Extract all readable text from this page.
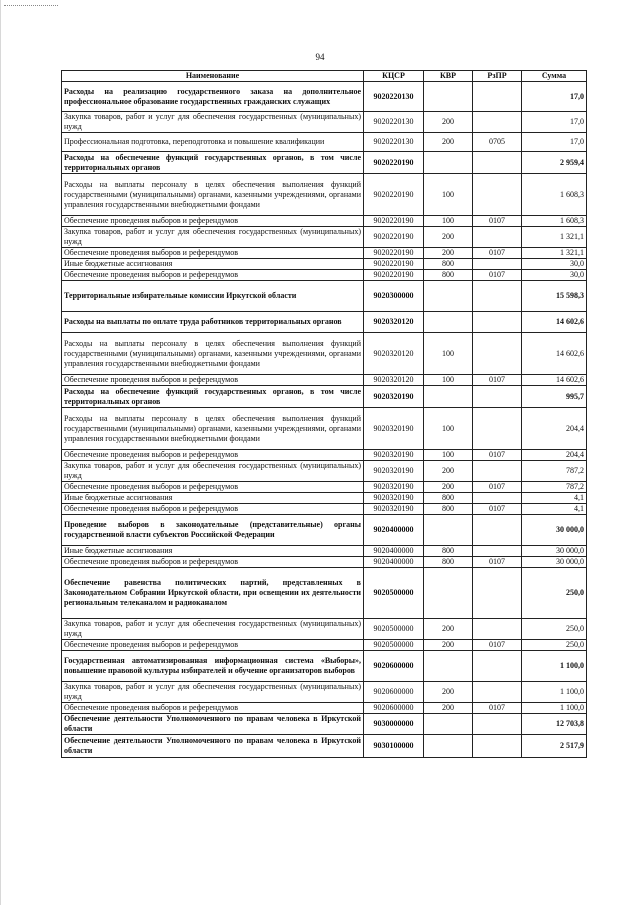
94
Наименование	КЦСР	КВР	РзПР	Сумма
Расходы на реализацию государственного заказа на дополнительное профессиональное образование государственных гражданских служащих	9020220130			17,0
Закупка товаров, работ и услуг для обеспечения государственных (муниципальных) нужд	9020220130	200		17,0
Профессиональная подготовка, переподготовка и повышение квалификации	9020220130	200	0705	17,0
Расходы на обеспечение функций государственных органов, в том числе территориальных органов	9020220190			2 959,4
Расходы на выплаты персоналу в целях обеспечения выполнения функций государственными (муниципальными) органами, казенными учреждениями, органами управления государственными внебюджетными фондами	9020220190	100		1 608,3
Обеспечение проведения выборов и референдумов	9020220190	100	0107	1 608,3
Закупка товаров, работ и услуг для обеспечения государственных (муниципальных) нужд	9020220190	200		1 321,1
Обеспечение проведения выборов и референдумов	9020220190	200	0107	1 321,1
Иные бюджетные ассигнования	9020220190	800		30,0
Обеспечение проведения выборов и референдумов	9020220190	800	0107	30,0
Территориальные избирательные комиссии Иркутской области	9020300000			15 598,3
Расходы на выплаты по оплате труда работников территориальных органов	9020320120			14 602,6
Расходы на выплаты персоналу в целях обеспечения выполнения функций государственными (муниципальными) органами, казенными учреждениями, органами управления государственными внебюджетными фондами	9020320120	100		14 602,6
Обеспечение проведения выборов и референдумов	9020320120	100	0107	14 602,6
Расходы на обеспечение функций государственных органов, в том числе территориальных органов	9020320190			995,7
Расходы на выплаты персоналу в целях обеспечения выполнения функций государственными (муниципальными) органами, казенными учреждениями, органами управления государственными внебюджетными фондами	9020320190	100		204,4
Обеспечение проведения выборов и референдумов	9020320190	100	0107	204,4
Закупка товаров, работ и услуг для обеспечения государственных (муниципальных) нужд	9020320190	200		787,2
Обеспечение проведения выборов и референдумов	9020320190	200	0107	787,2
Иные бюджетные ассигнования	9020320190	800		4,1
Обеспечение проведения выборов и референдумов	9020320190	800	0107	4,1
Проведение выборов в законодательные (представительные) органы государственной власти субъектов Российской Федерации	9020400000			30 000,0
Иные бюджетные ассигнования	9020400000	800		30 000,0
Обеспечение проведения выборов и референдумов	9020400000	800	0107	30 000,0
Обеспечение равенства политических партий, представленных в Законодательном Собрании Иркутской области, при освещении их деятельности региональным телеканалом и радиоканалом	9020500000			250,0
Закупка товаров, работ и услуг для обеспечения государственных (муниципальных) нужд	9020500000	200		250,0
Обеспечение проведения выборов и референдумов	9020500000	200	0107	250,0
Государственная автоматизированная информационная система «Выборы», повышение правовой культуры избирателей и обучение организаторов выборов	9020600000			1 100,0
Закупка товаров, работ и услуг для обеспечения государственных (муниципальных) нужд	9020600000	200		1 100,0
Обеспечение проведения выборов и референдумов	9020600000	200	0107	1 100,0
Обеспечение деятельности Уполномоченного по правам человека в Иркутской области	9030000000			12 703,8
Обеспечение деятельности Уполномоченного по правам человека в Иркутской области	9030100000			2 517,9
